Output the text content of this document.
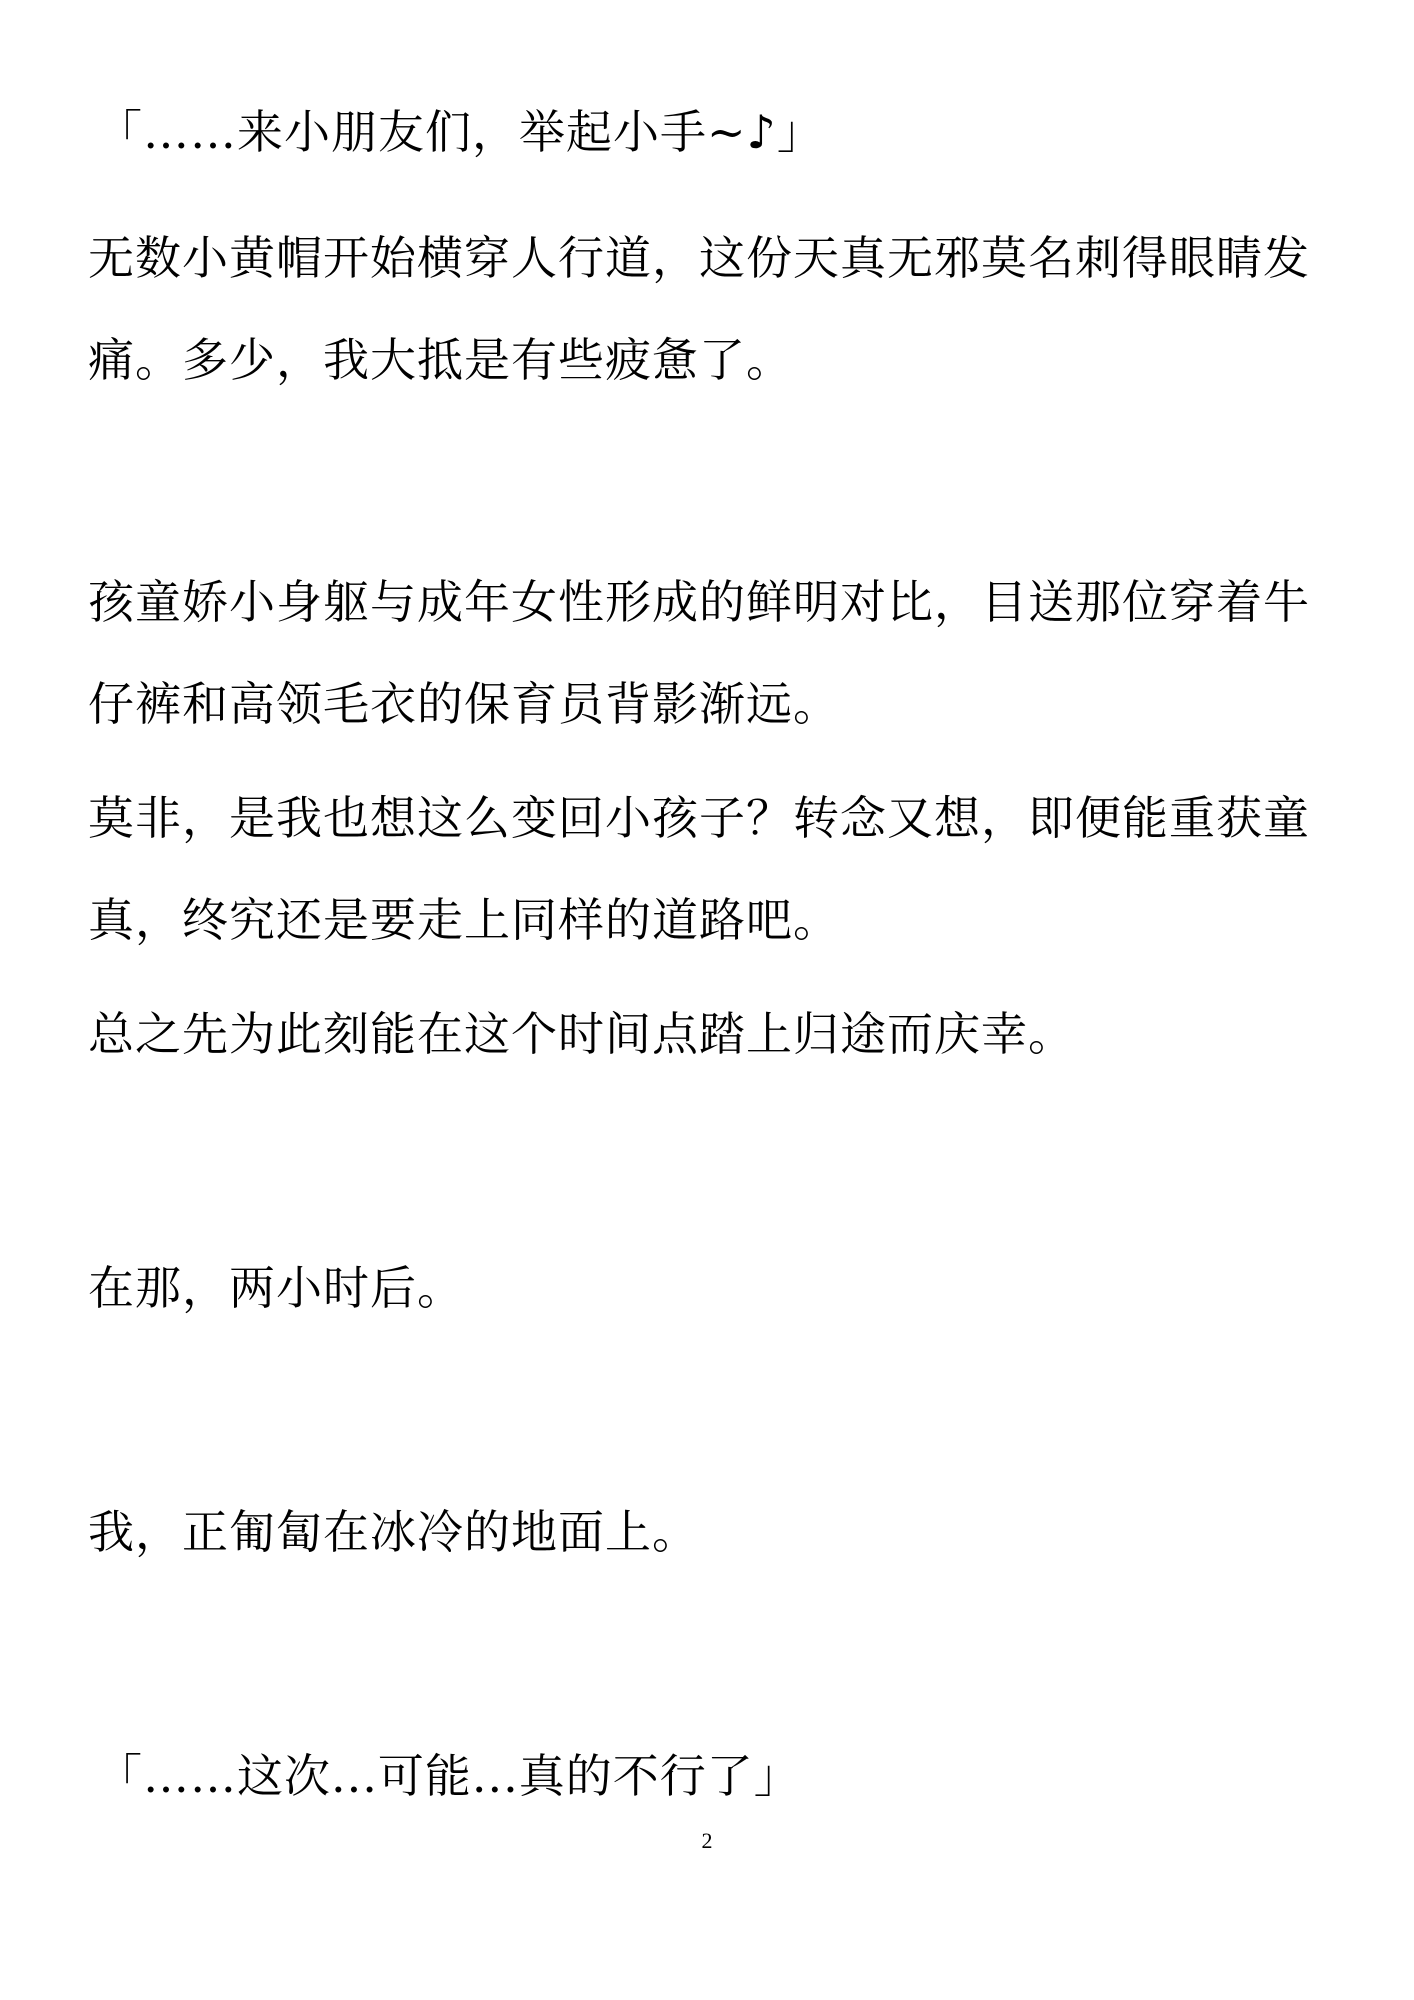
「……来小朋友们，举起小手~♪」

无数小黄帽开始横穿人行道，这份天真无邪莫名刺得眼睛发

痛。多少，我大抵是有些疲惫了。

孩童娇小身躯与成年女性形成的鲜明对比，目送那位穿着牛

仔裤和高领毛衣的保育员背影渐远。

莫非，是我也想这么变回小孩子？转念又想，即便能重获童

真，终究还是要走上同样的道路吧。

总之先为此刻能在这个时间点踏上归途而庆幸。

在那，两小时后。

我，正匍匐在冰冷的地面上。

「……这次...可能...真的不行了」

2
